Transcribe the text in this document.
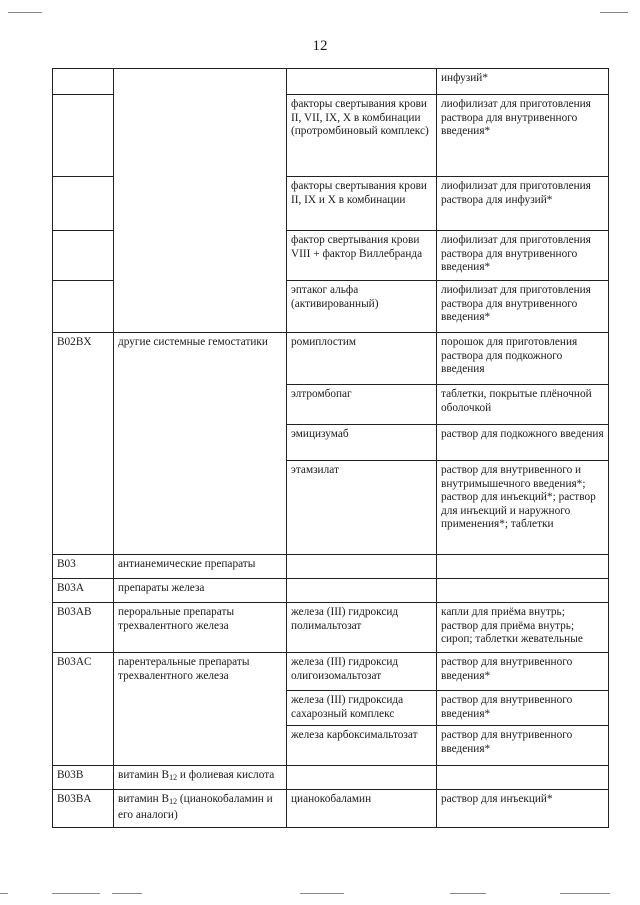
12
			инфузий*
		факторы свертывания крови II, VII, IX, X в комбинации (протромбиновый комплекс)	лиофилизат для приготовления раствора для внутривенного введения*
		факторы свертывания крови II, IX и X в комбинации	лиофилизат для приготовления раствора для инфузий*
		фактор свертывания крови VIII + фактор Виллебранда	лиофилизат для приготовления раствора для внутривенного введения*
		эптаког альфа (активированный)	лиофилизат для приготовления раствора для внутривенного введения*
B02BX	другие системные гемостатики	ромиплостим	порошок для приготовления раствора для подкожного введения
		элтромбопаг	таблетки, покрытые плёночной оболочкой
		эмицизумаб	раствор для подкожного введения
		этамзилат	раствор для внутривенного и внутримышечного введения*; раствор для инъекций*; раствор для инъекций и наружного применения*; таблетки
B03	антианемические препараты		
B03A	препараты железа		
B03AB	пероральные препараты трехвалентного железа	железа (III) гидроксид полимальтозат	капли для приёма внутрь; раствор для приёма внутрь; сироп; таблетки жевательные
B03AC	парентеральные препараты трехвалентного железа	железа (III) гидроксид олигоизомальтозат	раствор для внутривенного введения*
		железа (III) гидроксида сахарозный комплекс	раствор для внутривенного введения*
		железа карбоксимальтозат	раствор для внутривенного введения*
B03B	витамин $B_{12}$ и фолиевая кислота		
B03BA	витамин $B_{12}$ (цианокобаламин и его аналоги)	цианокобаламин	раствор для инъекций*
